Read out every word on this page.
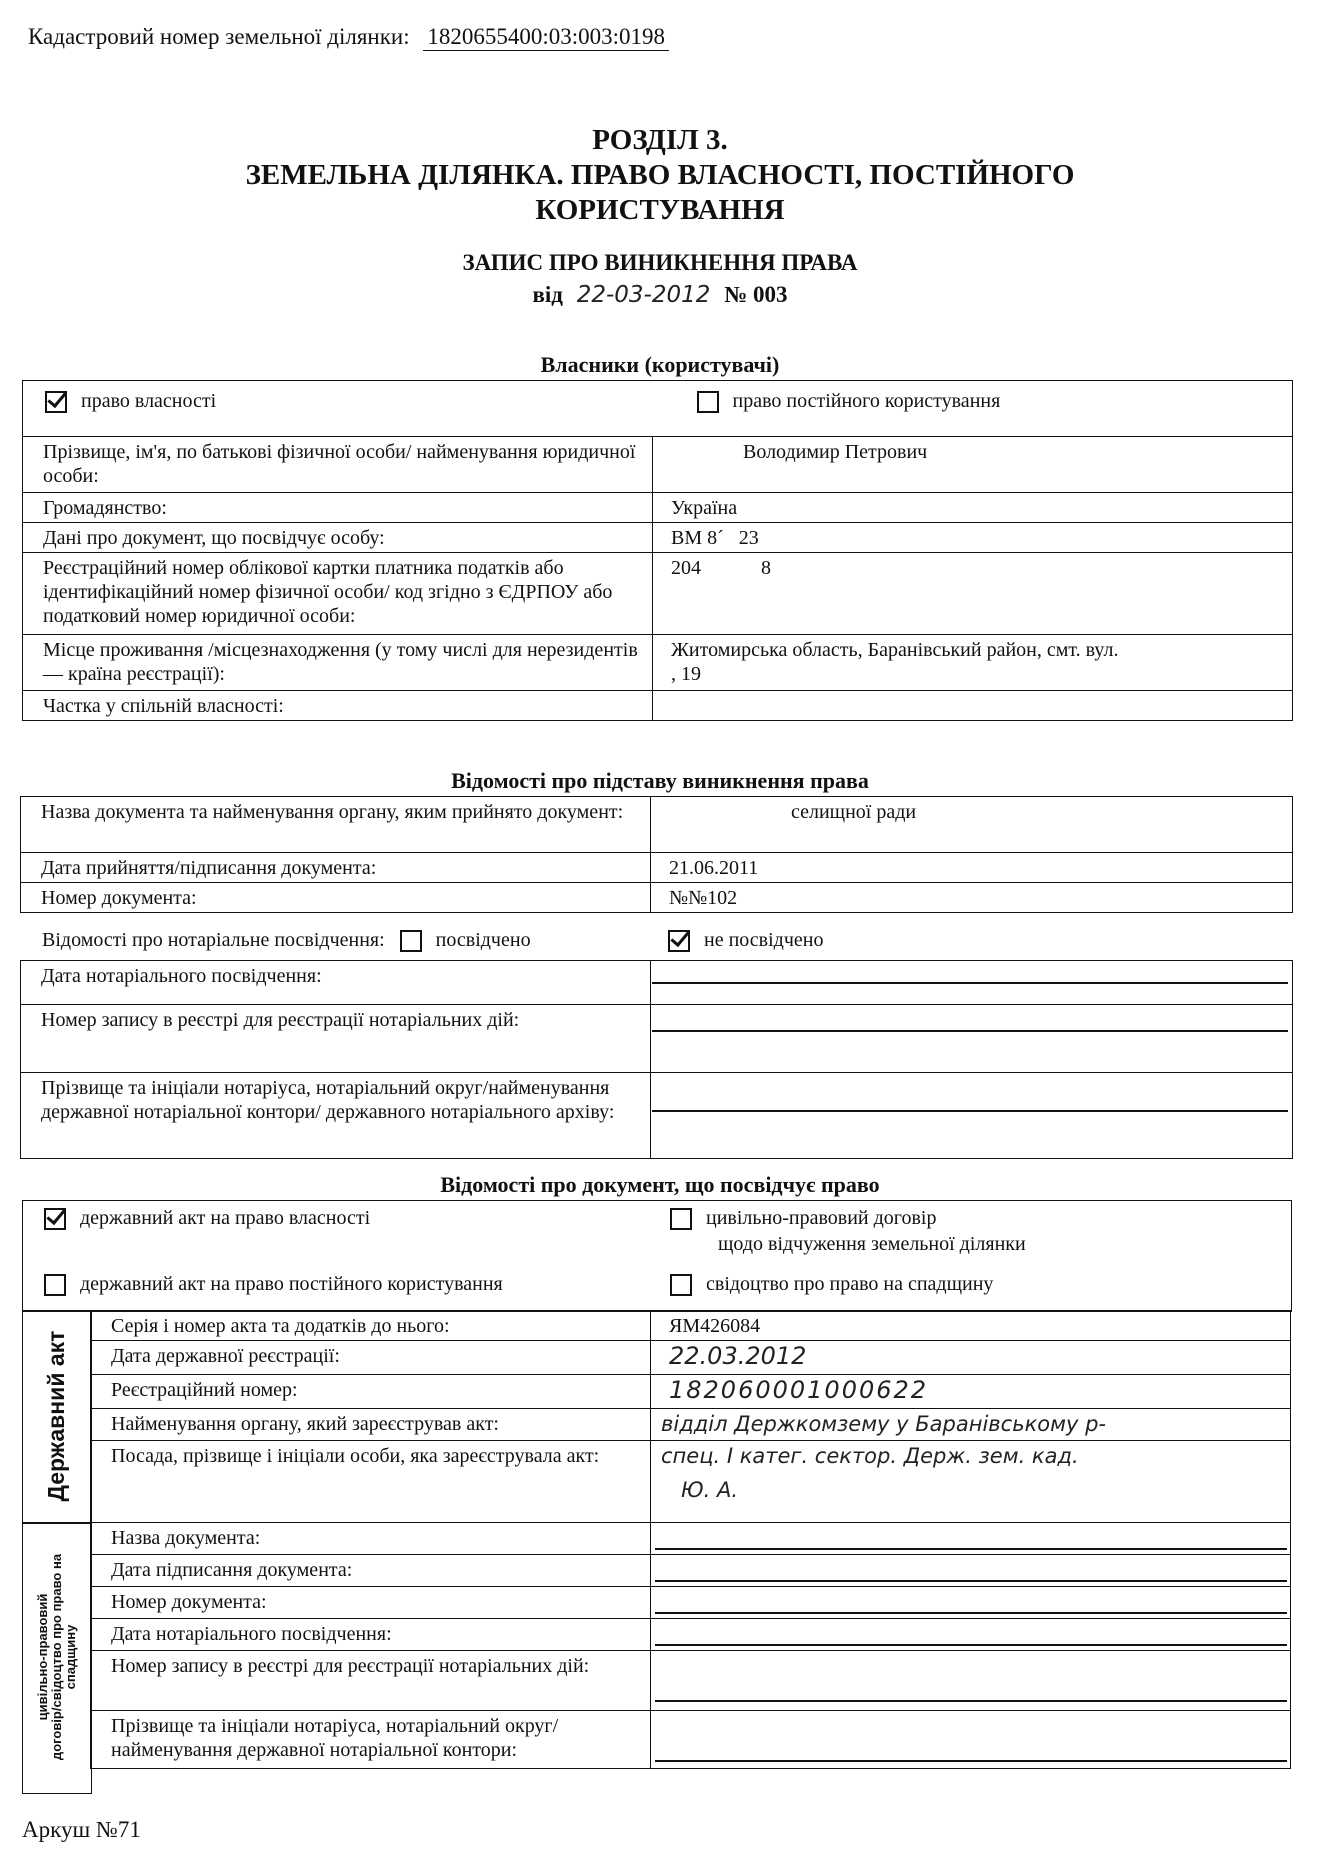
Кадастровий номер земельної ділянки: 1820655400:03:003:0198
РОЗДІЛ 3.
ЗЕМЕЛЬНА ДІЛЯНКА. ПРАВО ВЛАСНОСТІ, ПОСТІЙНОГО
КОРИСТУВАННЯ
ЗАПИС ПРО ВИНИКНЕННЯ ПРАВА
від 22-03-2012 № 003
Власники (користувачі)
право власності	право постійного користування
Прізвище, ім'я, по батькові фізичної особи/ найменування юридичної особи:	Володимир Петрович
Громадянство:	Україна
Дані про документ, що посвідчує особу:	ВМ 8´   23
Реєстраційний номер облікової картки платника податків або ідентифікаційний номер фізичної особи/ код згідно з ЄДРПОУ або податковий номер юридичної особи:	204            8
Місце проживання /місцезнаходження (у тому числі для нерезидентів — країна реєстрації):	Житомирська область, Баранівський район, смт. вул.                , 19
Частка у спільній власності:	
Відомості про підставу виникнення права
Назва документа та найменування органу, яким прийнято документ:	селищної ради
Дата прийняття/підписання документа:	21.06.2011
Номер документа:	№№102
Відомості про нотаріальне посвідчення:	посвідчено	не посвідчено
Дата нотаріального посвідчення:	
Номер запису в реєстрі для реєстрації нотаріальних дій:	
Прізвище та ініціали нотаріуса, нотаріальний округ/найменування державної нотаріальної контори/ державного нотаріального архіву:	
Відомості про документ, що посвідчує право
державний акт на право власності	цивільно-правовий договір
щодо відчуження земельної ділянки
державний акт на право постійного користування	свідоцтво про право на спадщину
Державний акт
Серія і номер акта та додатків до нього:	ЯМ426084
Дата державної реєстрації:	22.03.2012
Реєстраційний номер:	182060001000622
Найменування органу, який зареєстрував акт:	відділ Держкомзему у Баранівському р-
Посада, прізвище і ініціали особи, яка зареєструвала акт:	спец. І катег. сектор. Держ. зем. кад.
Ю. А.
цивільно-правовий договір/свідоцтво про право на спадщину
Назва документа:	
Дата підписання документа:	
Номер документа:	
Дата нотаріального посвідчення:	
Номер запису в реєстрі для реєстрації нотаріальних дій:	
Прізвище та ініціали нотаріуса, нотаріальний округ/ найменування державної нотаріальної контори:	
Аркуш №71
